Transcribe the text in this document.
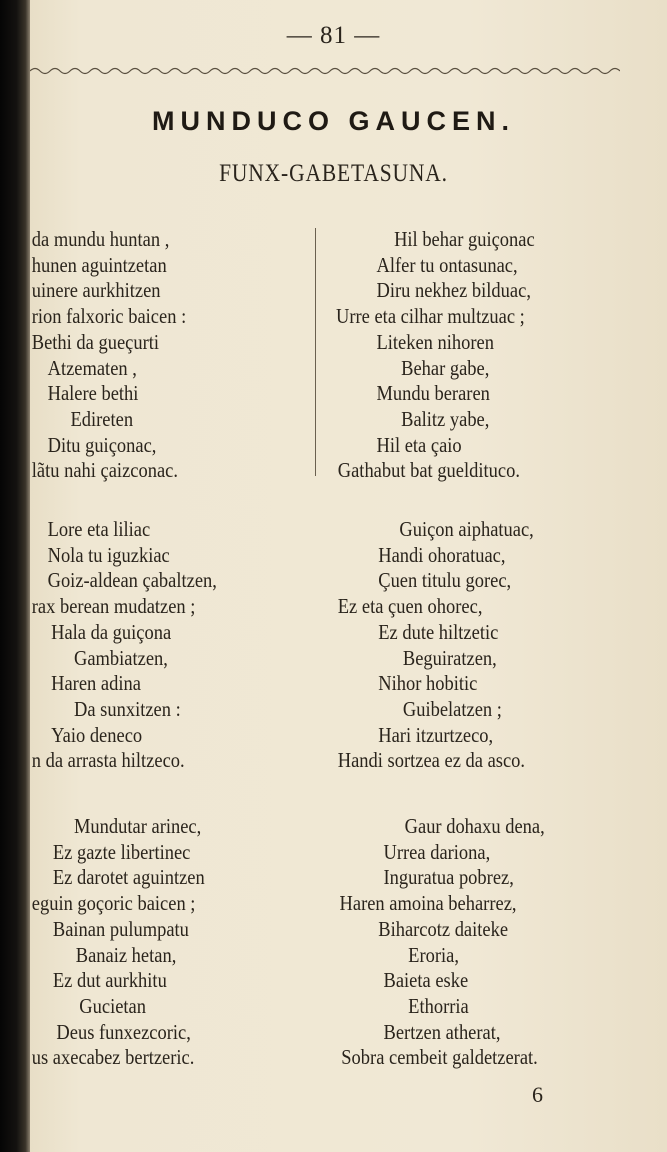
— 81 —
MUNDUCO GAUCEN.
FUNX-GABETASUNA.
da mundu huntan ,
hunen aguintzetan
uinere aurkhitzen
rion falxoric baicen :
Bethi da gueçurti
Atzematen ,
Halere bethi
Edireten
Ditu guiçonac,
lãtu nahi çaizconac.
Lore eta liliac
Nola tu iguzkiac
Goiz-aldean çabaltzen,
rax berean mudatzen ;
Hala da guiçona
Gambiatzen,
Haren adina
Da sunxitzen :
Yaio deneco
n da arrasta hiltzeco.
Mundutar arinec,
Ez gazte libertinec
Ez darotet aguintzen
eguin goçoric baicen ;
Bainan pulumpatu
Banaiz hetan,
Ez dut aurkhitu
Gucietan
Deus funxezcoric,
us axecabez bertzeric.
Hil behar guiçonac
Alfer tu ontasunac,
Diru nekhez bilduac,
Urre eta cilhar multzuac ;
Liteken nihoren
Behar gabe,
Mundu beraren
Balitz yabe,
Hil eta çaio
Gathabut bat gueldituco.
Guiçon aiphatuac,
Handi ohoratuac,
Çuen titulu gorec,
Ez eta çuen ohorec,
Ez dute hiltzetic
Beguiratzen,
Nihor hobitic
Guibelatzen ;
Hari itzurtzeco,
Handi sortzea ez da asco.
Gaur dohaxu dena,
Urrea dariona,
Inguratua pobrez,
Haren amoina beharrez,
Biharcotz daiteke
Eroria,
Baieta eske
Ethorria
Bertzen atherat,
Sobra cembeit galdetzerat.
6
